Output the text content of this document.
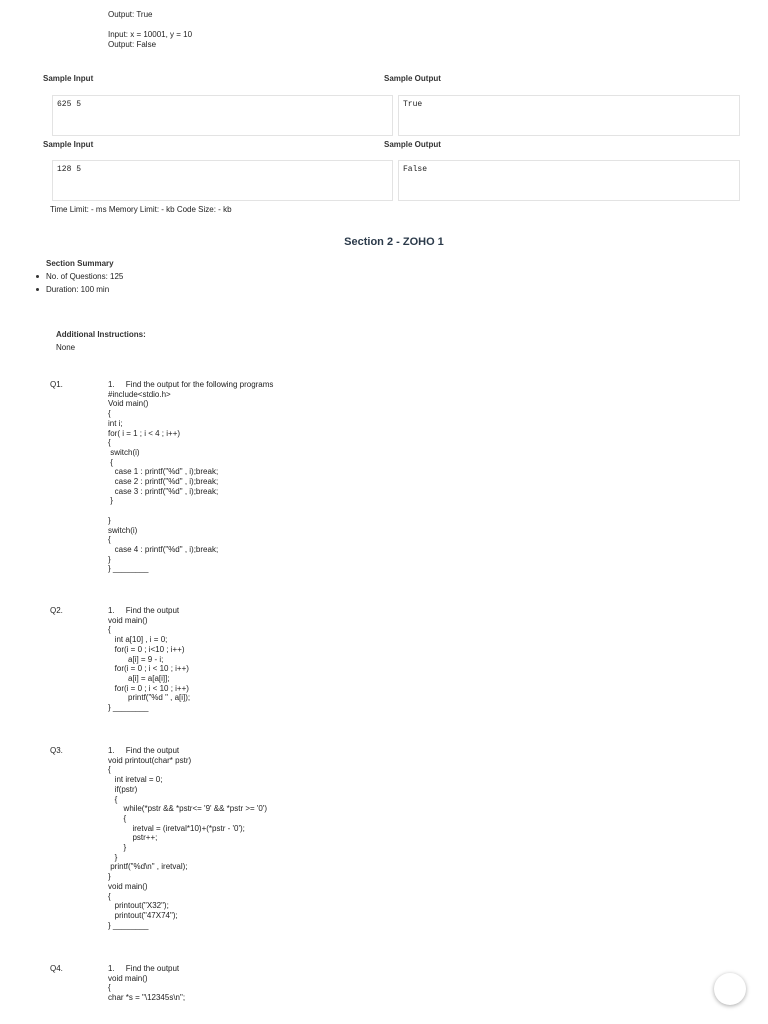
Output: True
Input: x = 10001, y = 10
Output: False
Sample Input	Sample Output
625 5	True
Sample Input	Sample Output
128 5	False
Time Limit: - ms Memory Limit: - kb Code Size: - kb
Section 2 - ZOHO 1
Section Summary
No. of Questions: 125
Duration: 100 min
Additional Instructions:
None
Q1.	1.     Find the output for the following programs
#include<stdio.h>
Void main()
{
int i;
for( i = 1 ; i < 4 ; i++)
{
switch(i)
{
case 1 : printf("%d" , i);break;
case 2 : printf("%d" , i);break;
case 3 : printf("%d" , i);break;
}
}
switch(i)
{
case 4 : printf("%d" , i);break;
}
} ________
Q2.	1.     Find the output
void main()
{
int a[10] , i = 0;
for(i = 0 ; i<10 ; i++)
a[i] = 9 - i;
for(i = 0 ; i < 10 ; i++)
a[i] = a[a[i]];
for(i = 0 ; i < 10 ; i++)
printf("%d " , a[i]);
} ________
Q3.	1.     Find the output
void printout(char* pstr)
{
int iretval = 0;
if(pstr)
{
while(*pstr && *pstr<= '9' && *pstr >= '0')
{
iretval = (iretval*10)+(*pstr - '0');
pstr++;
}
}
printf("%d\n" , iretval);
}
void main()
{
printout("X32");
printout("47X74");
} ________
Q4.	1.     Find the output
void main()
{
char *s = "\12345s\n";
